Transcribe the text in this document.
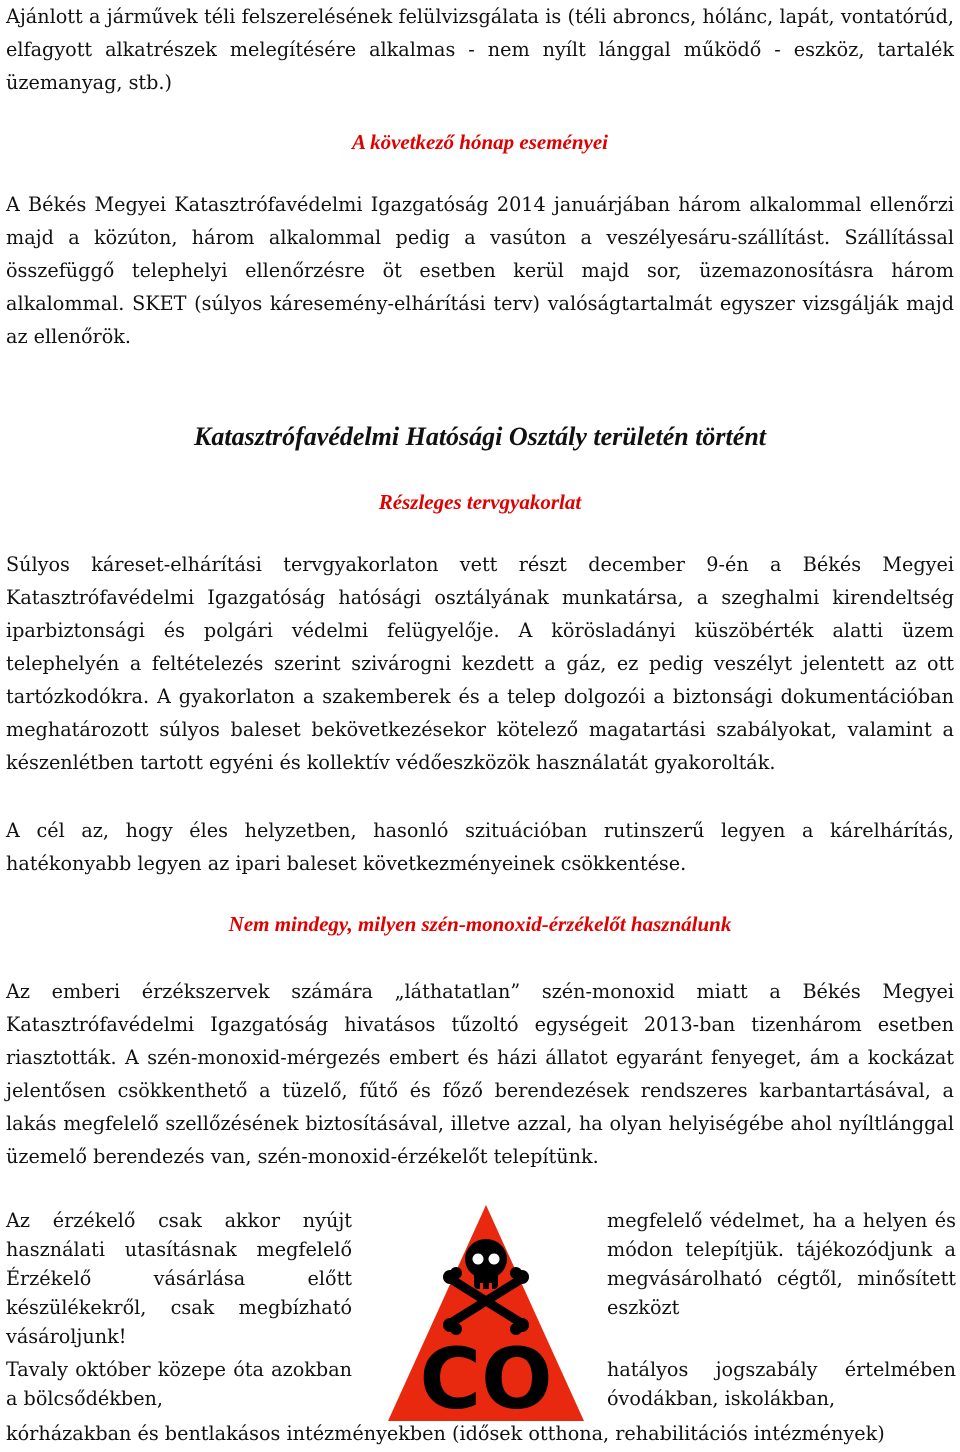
Ajánlott a járművek téli felszerelésének felülvizsgálata is (téli abroncs, hólánc, lapát, vontatórúd, elfagyott alkatrészek melegítésére alkalmas - nem nyílt lánggal működő - eszköz, tartalék üzemanyag, stb.)

A következő hónap eseményei

A Békés Megyei Katasztrófavédelmi Igazgatóság 2014 januárjában három alkalommal ellenőrzi majd a közúton, három alkalommal pedig a vasúton a veszélyesáru-szállítást. Szállítással összefüggő telephelyi ellenőrzésre öt esetben kerül majd sor, üzemazonosításra három alkalommal. SKET (súlyos káresemény-elhárítási terv) valóságtartalmát egyszer vizsgálják majd az ellenőrök.

Katasztrófavédelmi Hatósági Osztály területén történt
Részleges tervgyakorlat

Súlyos káreset-elhárítási tervgyakorlaton vett részt december 9-én a Békés Megyei Katasztrófavédelmi Igazgatóság hatósági osztályának munkatársa, a szeghalmi kirendeltség iparbiztonsági és polgári védelmi felügyelője. A körösladányi küszöbérték alatti üzem telephelyén a feltételezés szerint szivárogni kezdett a gáz, ez pedig veszélyt jelentett az ott tartózkodókra. A gyakorlaton a szakemberek és a telep dolgozói a biztonsági dokumentációban meghatározott súlyos baleset bekövetkezésekor kötelező magatartási szabályokat, valamint a készenlétben tartott egyéni és kollektív védőeszközök használatát gyakorolták.

A cél az, hogy éles helyzetben, hasonló szituációban rutinszerű legyen a kárelhárítás, hatékonyabb legyen az ipari baleset következményeinek csökkentése.

Nem mindegy, milyen szén-monoxid-érzékelőt használunk

Az emberi érzékszervek számára „láthatatlan” szén-monoxid miatt a Békés Megyei Katasztrófavédelmi Igazgatóság hivatásos tűzoltó egységeit 2013-ban tizenhárom esetben riasztották. A szén-monoxid-mérgezés embert és házi állatot egyaránt fenyeget, ám a kockázat jelentősen csökkenthető a tüzelő, fűtő és főző berendezések rendszeres karbantartásával, a lakás megfelelő szellőzésének biztosításával, illetve azzal, ha olyan helyiségébe ahol nyíltlánggal üzemelő berendezés van, szén-monoxid-érzékelőt telepítünk.

Az érzékelő csak akkor nyújt használati utasításnak megfelelő Érzékelő vásárlása előtt készülékekről, csak megbízható vásároljunk!

Tavaly október közepe óta azokban a bölcsődékben,

megfelelő védelmet, ha a helyen és módon telepítjük. tájékozódjunk a megvásárolható cégtől, minősített eszközt

hatályos jogszabály értelmében óvodákban, iskolákban,

CO

kórházakban és bentlakásos intézményekben (idősek otthona, rehabilitációs intézmények)
